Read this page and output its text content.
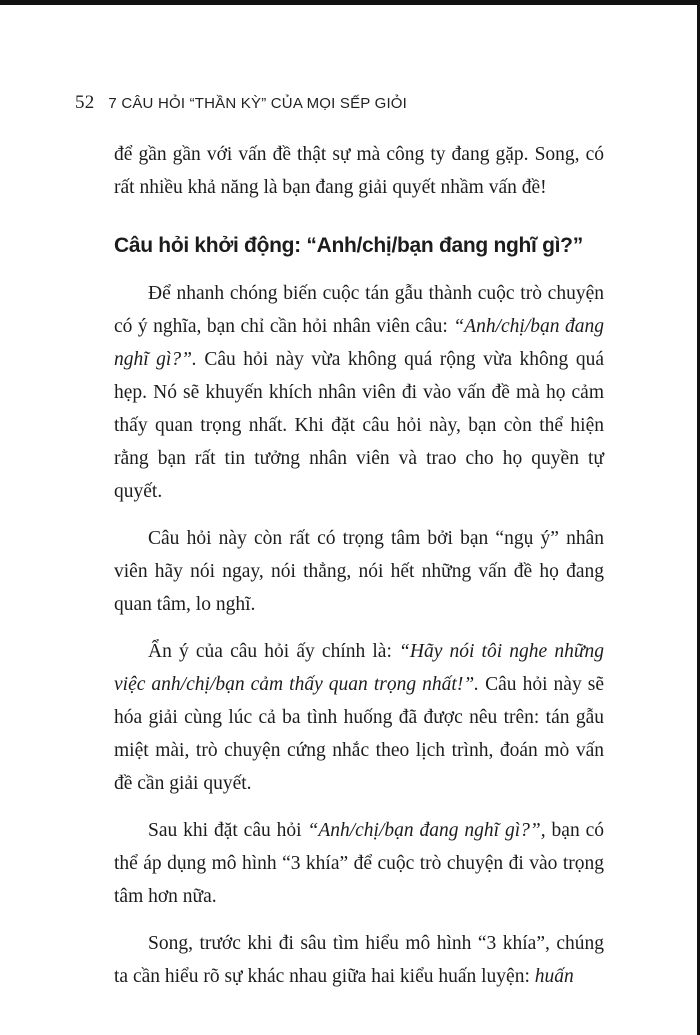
52 7 CÂU HỎI “THẦN KỲ” CỦA MỌI SẾP GIỎI

để gần gần với vấn đề thật sự mà công ty đang gặp. Song, có rất nhiều khả năng là bạn đang giải quyết nhầm vấn đề!

Câu hỏi khởi động: “Anh/chị/bạn đang nghĩ gì?”

Để nhanh chóng biến cuộc tán gẫu thành cuộc trò chuyện có ý nghĩa, bạn chỉ cần hỏi nhân viên câu: “Anh/chị/bạn đang nghĩ gì?”. Câu hỏi này vừa không quá rộng vừa không quá hẹp. Nó sẽ khuyến khích nhân viên đi vào vấn đề mà họ cảm thấy quan trọng nhất. Khi đặt câu hỏi này, bạn còn thể hiện rằng bạn rất tin tưởng nhân viên và trao cho họ quyền tự quyết.

Câu hỏi này còn rất có trọng tâm bởi bạn “ngụ ý” nhân viên hãy nói ngay, nói thẳng, nói hết những vấn đề họ đang quan tâm, lo nghĩ.

Ẩn ý của câu hỏi ấy chính là: “Hãy nói tôi nghe những việc anh/chị/bạn cảm thấy quan trọng nhất!”. Câu hỏi này sẽ hóa giải cùng lúc cả ba tình huống đã được nêu trên: tán gẫu miệt mài, trò chuyện cứng nhắc theo lịch trình, đoán mò vấn đề cần giải quyết.

Sau khi đặt câu hỏi “Anh/chị/bạn đang nghĩ gì?”, bạn có thể áp dụng mô hình “3 khía” để cuộc trò chuyện đi vào trọng tâm hơn nữa.

Song, trước khi đi sâu tìm hiểu mô hình “3 khía”, chúng ta cần hiểu rõ sự khác nhau giữa hai kiểu huấn luyện: huấn
